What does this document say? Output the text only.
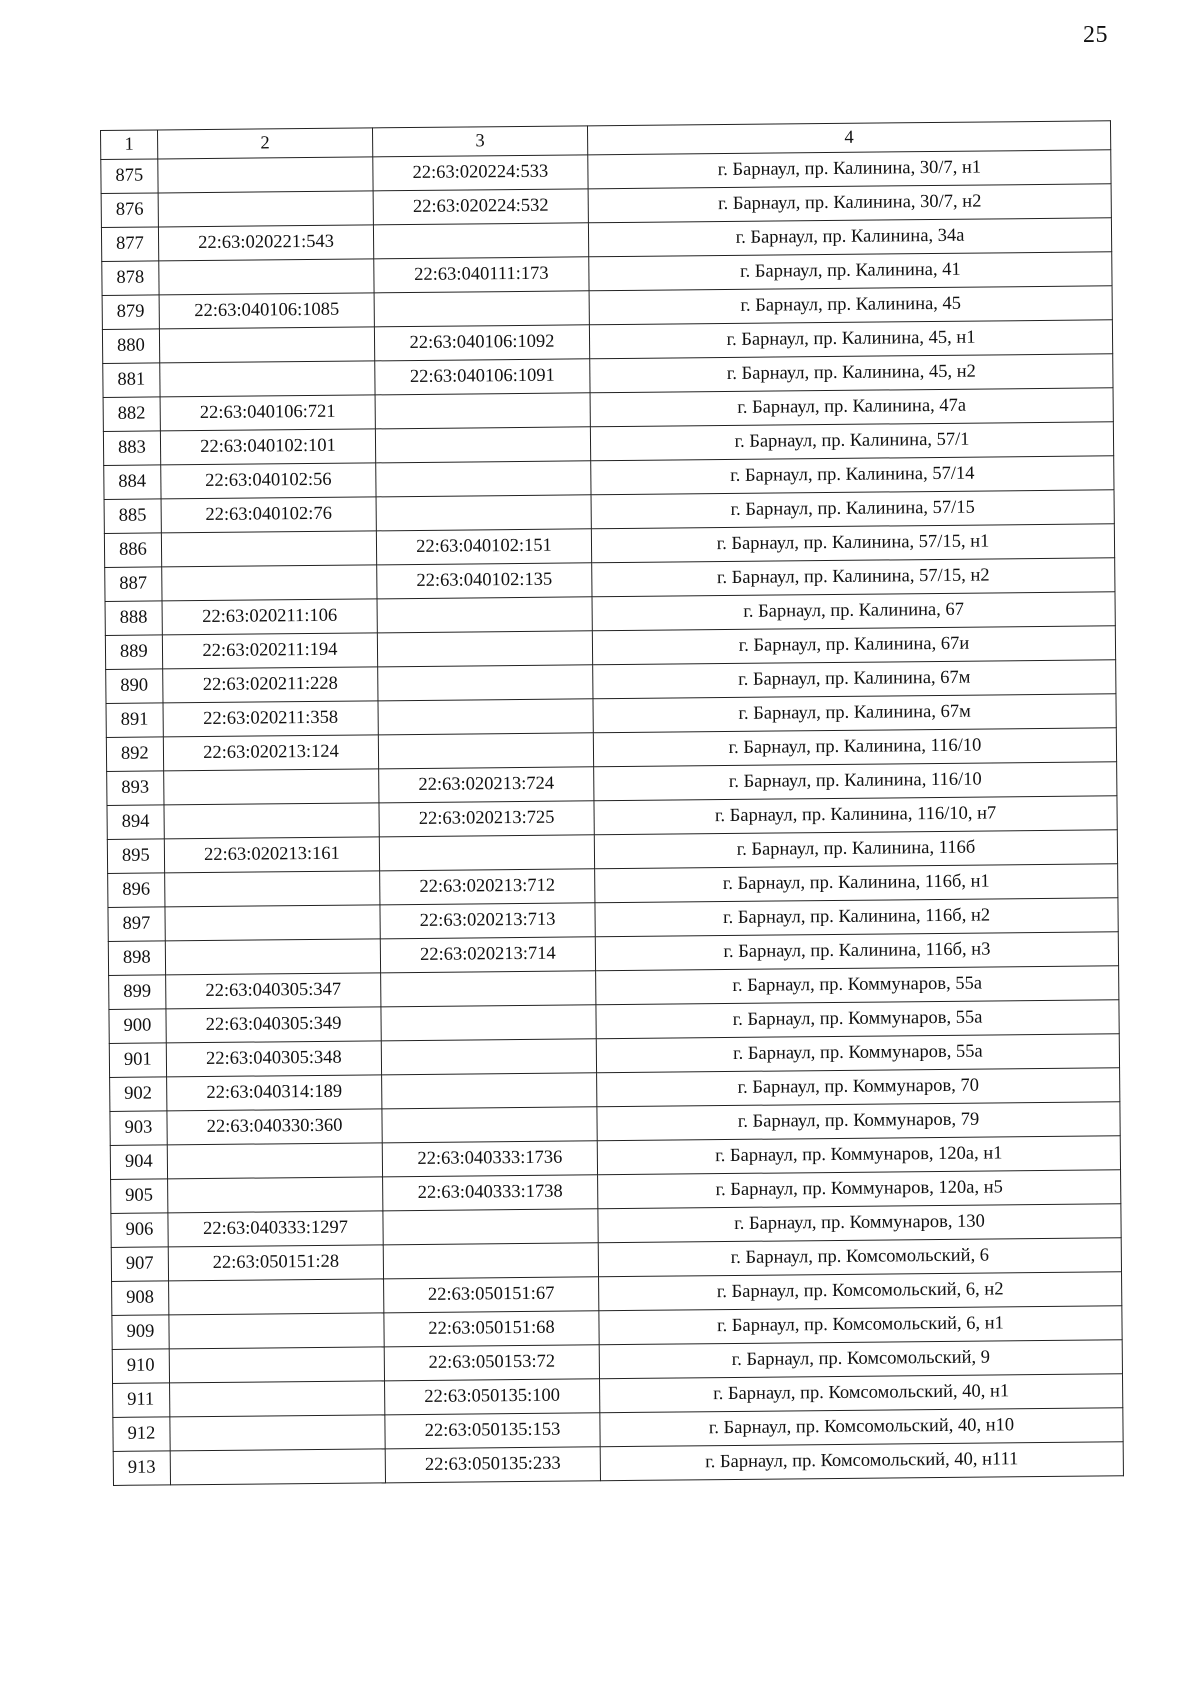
25
1	2	3	4
875		22:63:020224:533	г. Барнаул, пр. Калинина, 30/7, н1
876		22:63:020224:532	г. Барнаул, пр. Калинина, 30/7, н2
877	22:63:020221:543		г. Барнаул, пр. Калинина, 34а
878		22:63:040111:173	г. Барнаул, пр. Калинина, 41
879	22:63:040106:1085		г. Барнаул, пр. Калинина, 45
880		22:63:040106:1092	г. Барнаул, пр. Калинина, 45, н1
881		22:63:040106:1091	г. Барнаул, пр. Калинина, 45, н2
882	22:63:040106:721		г. Барнаул, пр. Калинина, 47а
883	22:63:040102:101		г. Барнаул, пр. Калинина, 57/1
884	22:63:040102:56		г. Барнаул, пр. Калинина, 57/14
885	22:63:040102:76		г. Барнаул, пр. Калинина, 57/15
886		22:63:040102:151	г. Барнаул, пр. Калинина, 57/15, н1
887		22:63:040102:135	г. Барнаул, пр. Калинина, 57/15, н2
888	22:63:020211:106		г. Барнаул, пр. Калинина, 67
889	22:63:020211:194		г. Барнаул, пр. Калинина, 67и
890	22:63:020211:228		г. Барнаул, пр. Калинина, 67м
891	22:63:020211:358		г. Барнаул, пр. Калинина, 67м
892	22:63:020213:124		г. Барнаул, пр. Калинина, 116/10
893		22:63:020213:724	г. Барнаул, пр. Калинина, 116/10
894		22:63:020213:725	г. Барнаул, пр. Калинина, 116/10, н7
895	22:63:020213:161		г. Барнаул, пр. Калинина, 116б
896		22:63:020213:712	г. Барнаул, пр. Калинина, 116б, н1
897		22:63:020213:713	г. Барнаул, пр. Калинина, 116б, н2
898		22:63:020213:714	г. Барнаул, пр. Калинина, 116б, н3
899	22:63:040305:347		г. Барнаул, пр. Коммунаров, 55а
900	22:63:040305:349		г. Барнаул, пр. Коммунаров, 55а
901	22:63:040305:348		г. Барнаул, пр. Коммунаров, 55а
902	22:63:040314:189		г. Барнаул, пр. Коммунаров, 70
903	22:63:040330:360		г. Барнаул, пр. Коммунаров, 79
904		22:63:040333:1736	г. Барнаул, пр. Коммунаров, 120а, н1
905		22:63:040333:1738	г. Барнаул, пр. Коммунаров, 120а, н5
906	22:63:040333:1297		г. Барнаул, пр. Коммунаров, 130
907	22:63:050151:28		г. Барнаул, пр. Комсомольский, 6
908		22:63:050151:67	г. Барнаул, пр. Комсомольский, 6, н2
909		22:63:050151:68	г. Барнаул, пр. Комсомольский, 6, н1
910		22:63:050153:72	г. Барнаул, пр. Комсомольский, 9
911		22:63:050135:100	г. Барнаул, пр. Комсомольский, 40, н1
912		22:63:050135:153	г. Барнаул, пр. Комсомольский, 40, н10
913		22:63:050135:233	г. Барнаул, пр. Комсомольский, 40, н111
